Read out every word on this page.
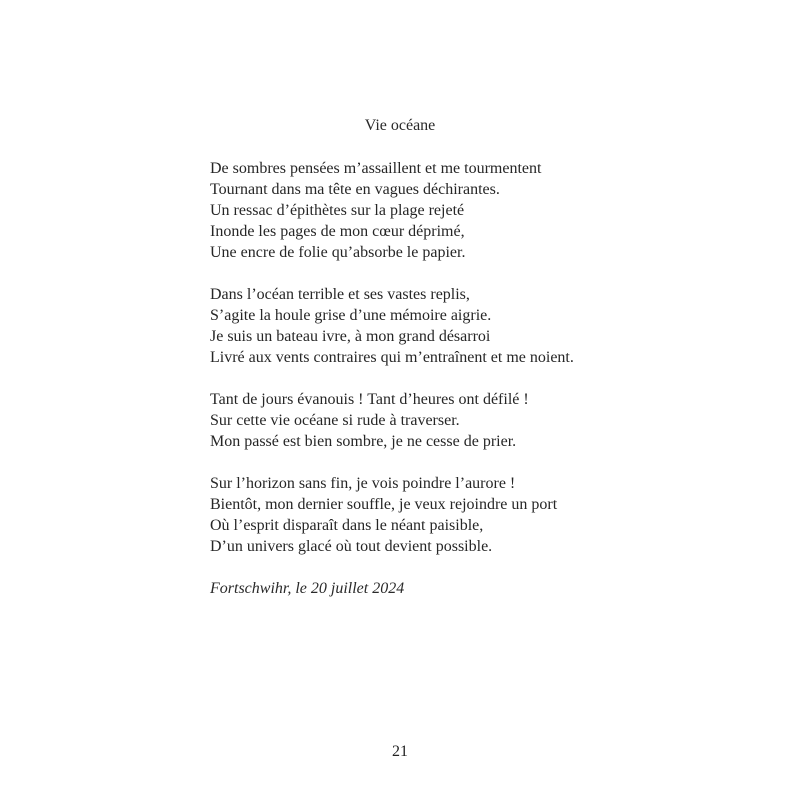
Vie océane
De sombres pensées m’assaillent et me tourmentent
Tournant dans ma tête en vagues déchirantes.
Un ressac d’épithètes sur la plage rejeté
Inonde les pages de mon cœur déprimé,
Une encre de folie qu’absorbe le papier.
Dans l’océan terrible et ses vastes replis,
S’agite la houle grise d’une mémoire aigrie.
Je suis un bateau ivre, à mon grand désarroi
Livré aux vents contraires qui m’entraînent et me noient.
Tant de jours évanouis ! Tant d’heures ont défilé !
Sur cette vie océane si rude à traverser.
Mon passé est bien sombre, je ne cesse de prier.
Sur l’horizon sans fin, je vois poindre l’aurore !
Bientôt, mon dernier souffle, je veux rejoindre un port
Où l’esprit disparaît dans le néant paisible,
D’un univers glacé où tout devient possible.
Fortschwihr, le 20 juillet 2024
21
